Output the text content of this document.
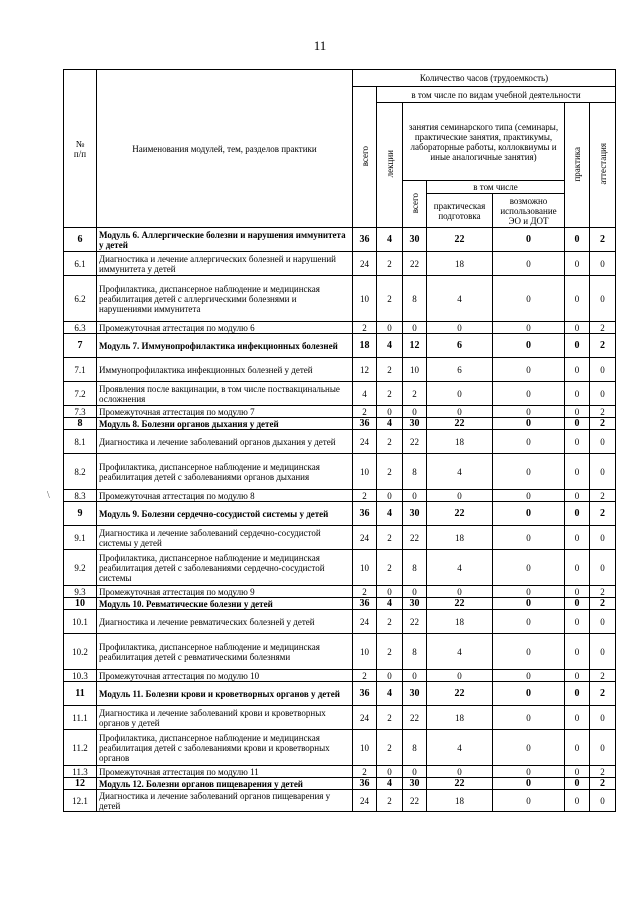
11
\
№
п/п	Наименования модулей, тем, разделов практики	Количество часов (трудоемкость)						
		всего	в том числе по видам учебной деятельности					
			лекции	занятия семинарского типа (семинары, практические занятия, практикумы, лабораторные работы, коллоквиумы и иные аналогичные занятия)			практика	аттестация
				всего	в том числе			
					практическая подготовка	возможно использование ЭО и ДОТ		
6	Модуль 6. Аллергические болезни и нарушения иммунитета у детей	36	4	30	22	0	0	2
6.1	Диагностика и лечение аллергических болезней и нарушений иммунитета у детей	24	2	22	18	0	0	0
6.2	Профилактика, диспансерное наблюдение и медицинская реабилитация детей с аллергическими болезнями и нарушениями иммунитета	10	2	8	4	0	0	0
6.3	Промежуточная аттестация по модулю 6	2	0	0	0	0	0	2
7	Модуль 7. Иммунопрофилактика инфекционных болезней	18	4	12	6	0	0	2
7.1	Иммунопрофилактика инфекционных болезней у детей	12	2	10	6	0	0	0
7.2	Проявления после вакцинации, в том числе поствакцинальные осложнения	4	2	2	0	0	0	0
7.3	Промежуточная аттестация по модулю 7	2	0	0	0	0	0	2
8	Модуль 8. Болезни органов дыхания у детей	36	4	30	22	0	0	2
8.1	Диагностика и лечение заболеваний органов дыхания у детей	24	2	22	18	0	0	0
8.2	Профилактика, диспансерное наблюдение и медицинская реабилитация детей с заболеваниями органов дыхания	10	2	8	4	0	0	0
8.3	Промежуточная аттестация по модулю 8	2	0	0	0	0	0	2
9	Модуль 9. Болезни сердечно-сосудистой системы у детей	36	4	30	22	0	0	2
9.1	Диагностика и лечение заболеваний сердечно-сосудистой системы у детей	24	2	22	18	0	0	0
9.2	Профилактика, диспансерное наблюдение и медицинская реабилитация детей с заболеваниями сердечно-сосудистой системы	10	2	8	4	0	0	0
9.3	Промежуточная аттестация по модулю 9	2	0	0	0	0	0	2
10	Модуль 10. Ревматические болезни у детей	36	4	30	22	0	0	2
10.1	Диагностика и лечение ревматических болезней у детей	24	2	22	18	0	0	0
10.2	Профилактика, диспансерное наблюдение и медицинская реабилитация детей с ревматическими болезнями	10	2	8	4	0	0	0
10.3	Промежуточная аттестация по модулю 10	2	0	0	0	0	0	2
11	Модуль 11. Болезни крови и кроветворных органов у детей	36	4	30	22	0	0	2
11.1	Диагностика и лечение заболеваний крови и кроветворных органов у детей	24	2	22	18	0	0	0
11.2	Профилактика, диспансерное наблюдение и медицинская реабилитация детей с заболеваниями крови и кроветворных органов	10	2	8	4	0	0	0
11.3	Промежуточная аттестация по модулю 11	2	0	0	0	0	0	2
12	Модуль 12. Болезни органов пищеварения у детей	36	4	30	22	0	0	2
12.1	Диагностика и лечение заболеваний органов пищеварения у детей	24	2	22	18	0	0	0
